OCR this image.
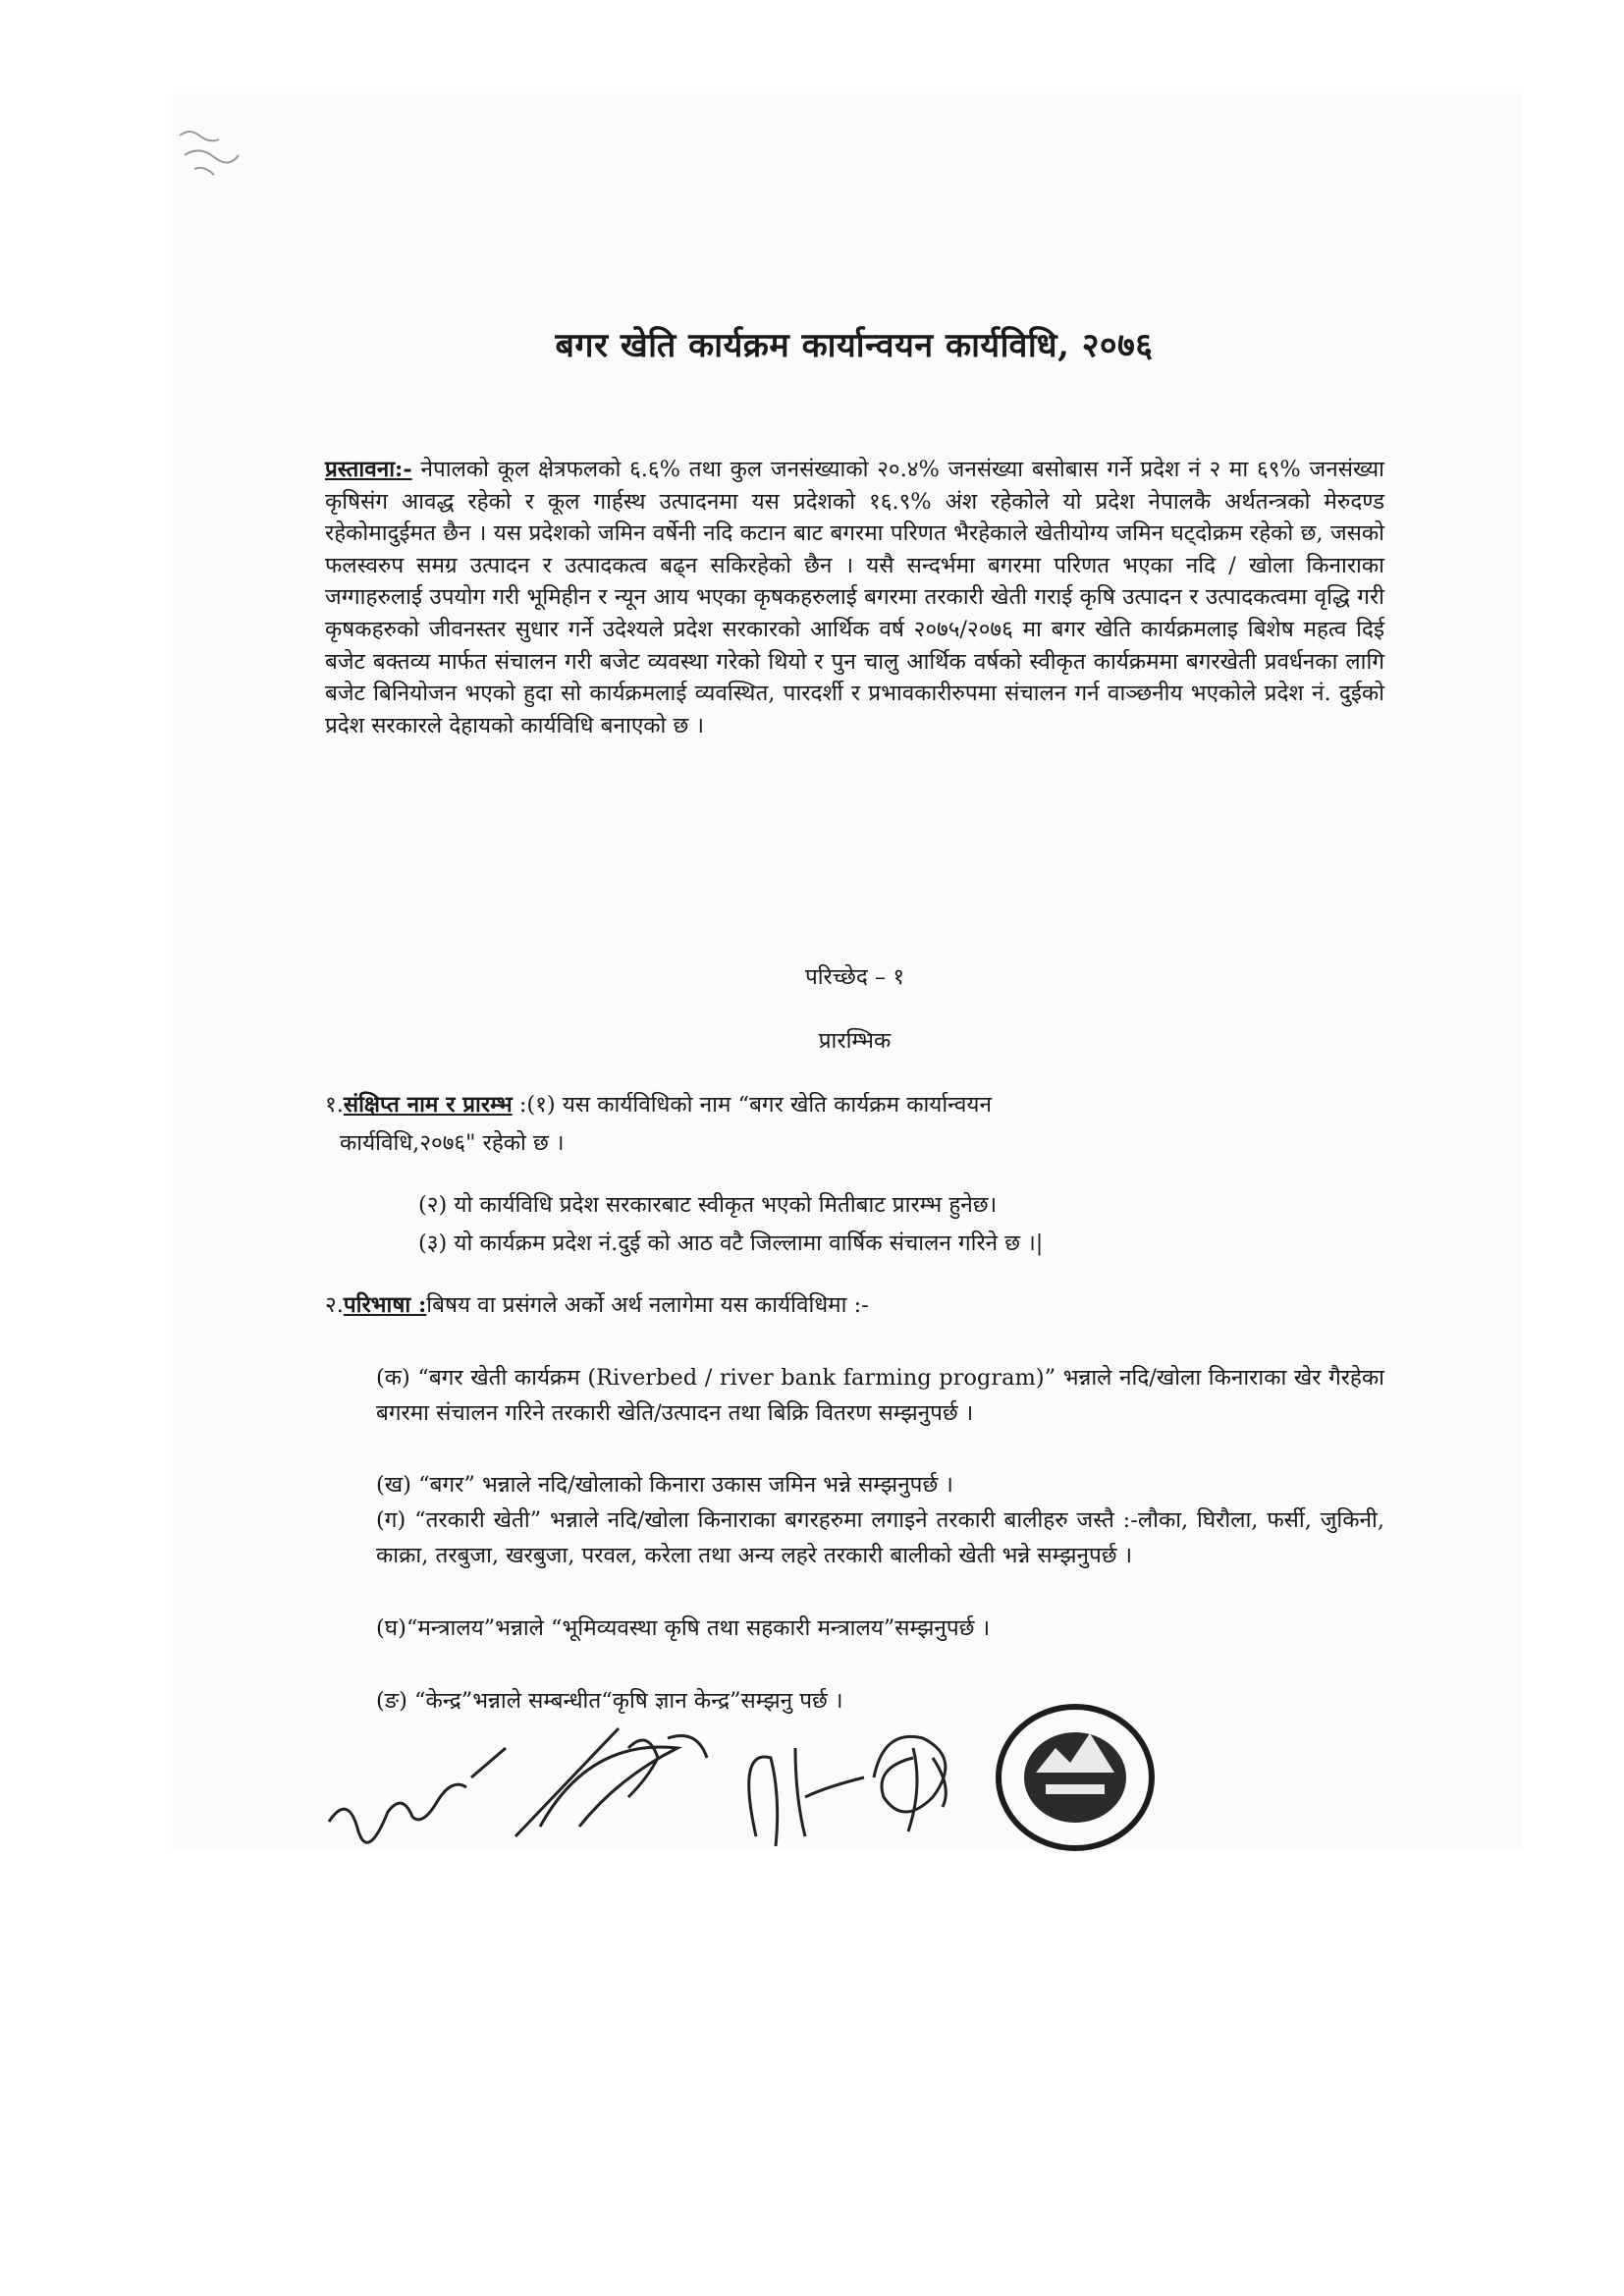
बगर खेति कार्यक्रम कार्यान्वयन कार्यविधि, २०७६
प्रस्तावना:- नेपालको कूल क्षेत्रफलको ६.६% तथा कुल जनसंख्याको २०.४% जनसंख्या बसोबास गर्ने प्रदेश नं २ मा ६९% जनसंख्या कृषिसंग आवद्ध रहेको र कूल गार्हस्थ उत्पादनमा यस प्रदेशको १६.९% अंश रहेकोले यो प्रदेश नेपालकै अर्थतन्त्रको मेरुदण्ड रहेकोमादुईमत छैन । यस प्रदेशको जमिन वर्षेनी नदि कटान बाट बगरमा परिणत भैरहेकाले खेतीयोग्य जमिन घट्दोक्रम रहेको छ, जसको फलस्वरुप समग्र उत्पादन र उत्पादकत्व बढ्न सकिरहेको छैन । यसै सन्दर्भमा बगरमा परिणत भएका नदि / खोला किनाराका जग्गाहरुलाई उपयोग गरी भूमिहीन र न्यून आय भएका कृषकहरुलाई बगरमा तरकारी खेती गराई कृषि उत्पादन र उत्पादकत्वमा वृद्धि गरी कृषकहरुको जीवनस्तर सुधार गर्ने उदेश्यले प्रदेश सरकारको आर्थिक वर्ष २०७५/२०७६ मा बगर खेति कार्यक्रमलाइ बिशेष महत्व दिई बजेट बक्तव्य मार्फत संचालन गरी बजेट व्यवस्था गरेको थियो र पुन चालु आर्थिक वर्षको स्वीकृत कार्यक्रममा बगरखेती प्रवर्धनका लागि बजेट बिनियोजन भएको हुदा सो कार्यक्रमलाई व्यवस्थित, पारदर्शी र प्रभावकारीरुपमा संचालन गर्न वाञ्छनीय भएकोले प्रदेश नं. दुईको प्रदेश सरकारले देहायको कार्यविधि बनाएको छ ।
परिच्छेद – १
प्रारम्भिक
१.संक्षिप्त नाम र प्रारम्भ :(१) यस कार्यविधिको नाम “बगर खेति कार्यक्रम कार्यान्वयन
कार्यविधि,२०७६" रहेको छ ।
(२) यो कार्यविधि प्रदेश सरकारबाट स्वीकृत भएको मितीबाट प्रारम्भ हुनेछ।
(३) यो कार्यक्रम प्रदेश नं.दुई को आठ वटै जिल्लामा वार्षिक संचालन गरिने छ ।|
२.परिभाषा :बिषय वा प्रसंगले अर्को अर्थ नलागेमा यस कार्यविधिमा :-
(क) “बगर खेती कार्यक्रम (Riverbed / river bank farming program)” भन्नाले नदि/खोला किनाराका खेर गैरहेका बगरमा संचालन गरिने तरकारी खेति/उत्पादन तथा बिक्रि वितरण सम्झनुपर्छ ।
(ख) “बगर” भन्नाले नदि/खोलाको किनारा उकास जमिन भन्ने सम्झनुपर्छ ।
(ग) “तरकारी खेती” भन्नाले नदि/खोला किनाराका बगरहरुमा लगाइने तरकारी बालीहरु जस्तै :-लौका, घिरौला, फर्सी, जुकिनी, काक्रा, तरबुजा, खरबुजा, परवल, करेला तथा अन्य लहरे तरकारी बालीको खेती भन्ने सम्झनुपर्छ ।
(घ)“मन्त्रालय”भन्नाले “भूमिव्यवस्था कृषि तथा सहकारी मन्त्रालय”सम्झनुपर्छ ।
(ङ) “केन्द्र”भन्नाले सम्बन्धीत“कृषि ज्ञान केन्द्र”सम्झनु पर्छ ।
